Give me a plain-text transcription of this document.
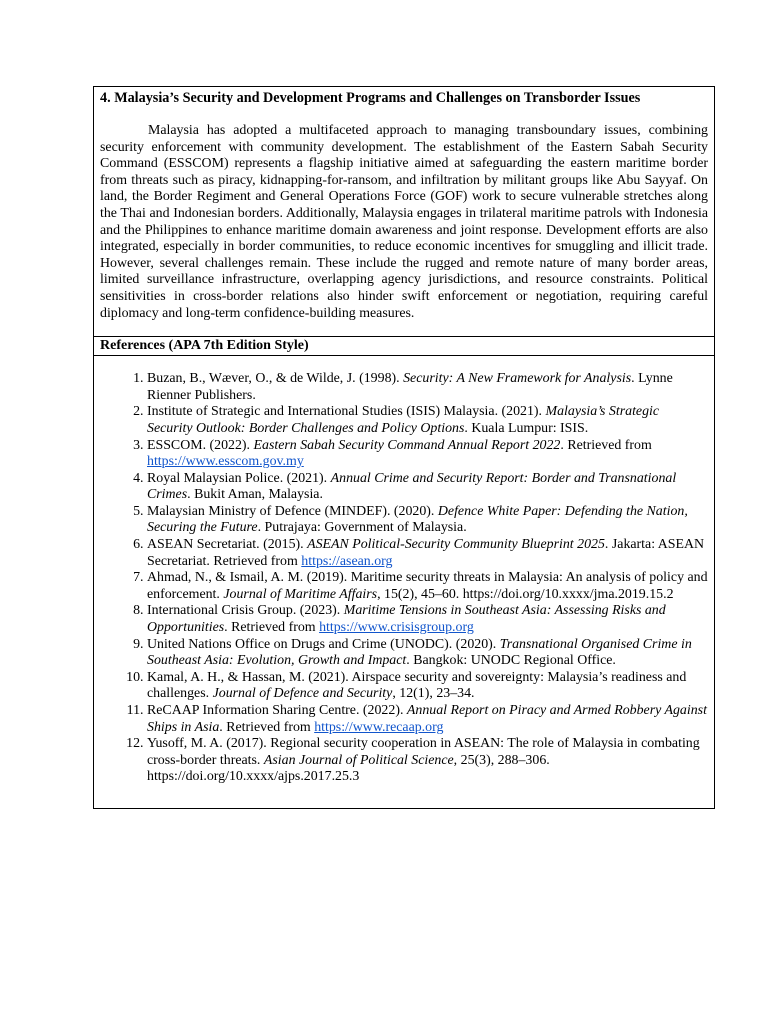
4. Malaysia’s Security and Development Programs and Challenges on Transborder Issues

Malaysia has adopted a multifaceted approach to managing transboundary issues, combining security enforcement with community development. The establishment of the Eastern Sabah Security Command (ESSCOM) represents a flagship initiative aimed at safeguarding the eastern maritime border from threats such as piracy, kidnapping-for-ransom, and infiltration by militant groups like Abu Sayyaf. On land, the Border Regiment and General Operations Force (GOF) work to secure vulnerable stretches along the Thai and Indonesian borders. Additionally, Malaysia engages in trilateral maritime patrols with Indonesia and the Philippines to enhance maritime domain awareness and joint response. Development efforts are also integrated, especially in border communities, to reduce economic incentives for smuggling and illicit trade. However, several challenges remain. These include the rugged and remote nature of many border areas, limited surveillance infrastructure, overlapping agency jurisdictions, and resource constraints. Political sensitivities in cross-border relations also hinder swift enforcement or negotiation, requiring careful diplomacy and long-term confidence-building measures.

References (APA 7th Edition Style)

1. Buzan, B., Wæver, O., & de Wilde, J. (1998). Security: A New Framework for Analysis. Lynne Rienner Publishers.
2. Institute of Strategic and International Studies (ISIS) Malaysia. (2021). Malaysia’s Strategic Security Outlook: Border Challenges and Policy Options. Kuala Lumpur: ISIS.
3. ESSCOM. (2022). Eastern Sabah Security Command Annual Report 2022. Retrieved from https://www.esscom.gov.my
4. Royal Malaysian Police. (2021). Annual Crime and Security Report: Border and Transnational Crimes. Bukit Aman, Malaysia.
5. Malaysian Ministry of Defence (MINDEF). (2020). Defence White Paper: Defending the Nation, Securing the Future. Putrajaya: Government of Malaysia.
6. ASEAN Secretariat. (2015). ASEAN Political-Security Community Blueprint 2025. Jakarta: ASEAN Secretariat. Retrieved from https://asean.org
7. Ahmad, N., & Ismail, A. M. (2019). Maritime security threats in Malaysia: An analysis of policy and enforcement. Journal of Maritime Affairs, 15(2), 45–60. https://doi.org/10.xxxx/jma.2019.15.2
8. International Crisis Group. (2023). Maritime Tensions in Southeast Asia: Assessing Risks and Opportunities. Retrieved from https://www.crisisgroup.org
9. United Nations Office on Drugs and Crime (UNODC). (2020). Transnational Organised Crime in Southeast Asia: Evolution, Growth and Impact. Bangkok: UNODC Regional Office.
10. Kamal, A. H., & Hassan, M. (2021). Airspace security and sovereignty: Malaysia’s readiness and challenges. Journal of Defence and Security, 12(1), 23–34.
11. ReCAAP Information Sharing Centre. (2022). Annual Report on Piracy and Armed Robbery Against Ships in Asia. Retrieved from https://www.recaap.org
12. Yusoff, M. A. (2017). Regional security cooperation in ASEAN: The role of Malaysia in combating cross-border threats. Asian Journal of Political Science, 25(3), 288–306. https://doi.org/10.xxxx/ajps.2017.25.3
